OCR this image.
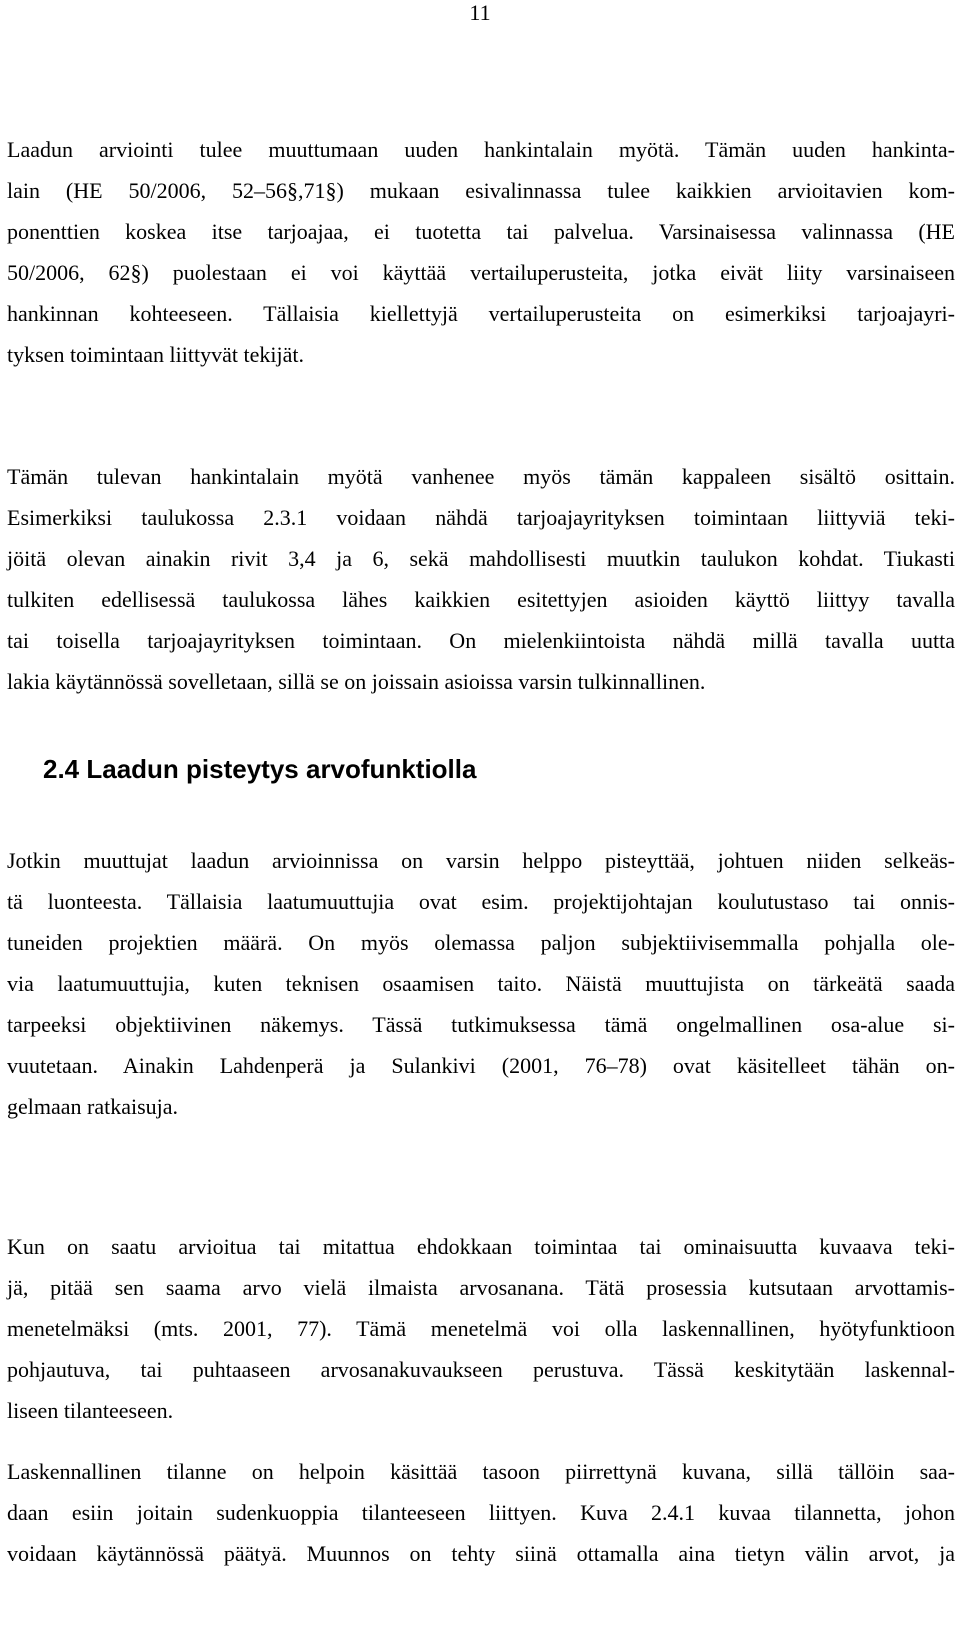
11
Laadun arviointi tulee muuttumaan uuden hankintalain myötä. Tämän uuden hankinta-
lain (HE 50/2006, 52–56§,71§) mukaan esivalinnassa tulee kaikkien arvioitavien kom-
ponenttien koskea itse tarjoajaa, ei tuotetta tai palvelua. Varsinaisessa valinnassa (HE
50/2006, 62§) puolestaan ei voi käyttää vertailuperusteita, jotka eivät liity varsinaiseen
hankinnan kohteeseen. Tällaisia kiellettyjä vertailuperusteita on esimerkiksi tarjoajayri-
tyksen toimintaan liittyvät tekijät.
Tämän tulevan hankintalain myötä vanhenee myös tämän kappaleen sisältö osittain.
Esimerkiksi taulukossa 2.3.1 voidaan nähdä tarjoajayrityksen toimintaan liittyviä teki-
jöitä olevan ainakin rivit 3,4 ja 6, sekä mahdollisesti muutkin taulukon kohdat. Tiukasti
tulkiten edellisessä taulukossa lähes kaikkien esitettyjen asioiden käyttö liittyy tavalla
tai toisella tarjoajayrityksen toimintaan. On mielenkiintoista nähdä millä tavalla uutta
lakia käytännössä sovelletaan, sillä se on joissain asioissa varsin tulkinnallinen.
2.4 Laadun pisteytys arvofunktiolla
Jotkin muuttujat laadun arvioinnissa on varsin helppo pisteyttää, johtuen niiden selkeäs-
tä luonteesta. Tällaisia laatumuuttujia ovat esim. projektijohtajan koulutustaso tai onnis-
tuneiden projektien määrä. On myös olemassa paljon subjektiivisemmalla pohjalla ole-
via laatumuuttujia, kuten teknisen osaamisen taito. Näistä muuttujista on tärkeätä saada
tarpeeksi objektiivinen näkemys. Tässä tutkimuksessa tämä ongelmallinen osa-alue si-
vuutetaan. Ainakin Lahdenperä ja Sulankivi (2001, 76–78) ovat käsitelleet tähän on-
gelmaan ratkaisuja.
Kun on saatu arvioitua tai mitattua ehdokkaan toimintaa tai ominaisuutta kuvaava teki-
jä, pitää sen saama arvo vielä ilmaista arvosanana. Tätä prosessia kutsutaan arvottamis-
menetelmäksi (mts. 2001, 77). Tämä menetelmä voi olla laskennallinen, hyötyfunktioon
pohjautuva, tai puhtaaseen arvosanakuvaukseen perustuva. Tässä keskitytään laskennal-
liseen tilanteeseen.
Laskennallinen tilanne on helpoin käsittää tasoon piirrettynä kuvana, sillä tällöin saa-
daan esiin joitain sudenkuoppia tilanteeseen liittyen. Kuva 2.4.1 kuvaa tilannetta, johon
voidaan käytännössä päätyä. Muunnos on tehty siinä ottamalla aina tietyn välin arvot, ja
